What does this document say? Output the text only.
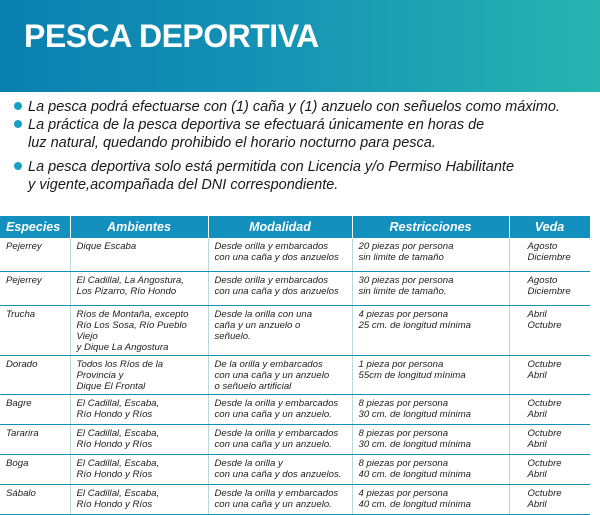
PESCA DEPORTIVA
La pesca podrá efectuarse con (1) caña y (1) anzuelo con señuelos como máximo.
La práctica de la pesca deportiva se efectuará únicamente en horas de
luz natural, quedando prohibido el horario nocturno para pesca.
La pesca deportiva solo está permitida con Licencia y/o Permiso Habilitante
y vigente,acompañada del DNI correspondiente.
Especies	Ambientes	Modalidad	Restricciones	Veda
Pejerrey	Dique Escaba	Desde orilla y embarcados
con una caña y dos anzuelos	20 piezas por persona
sin limite de tamaño	Agosto
Diciembre
Pejerrey	El Cadillal, La Angostura,
Los Pizarro, Río Hondo	Desde orilla y embarcados
con una caña y dos anzuelos	30 piezas por persona
sin limite de tamaño.	Agosto
Diciembre
Trucha	Ríos de Montaña, excepto
Río Los Sosa, Río Pueblo Viejo
y Dique La Angostura	Desde la orilla con una
caña y un anzuelo o
señuelo.	4 piezas por persona
25 cm. de longitud mínima	Abril
Octubre
Dorado	Todos los Ríos de la
Provincia y
Dique El Frontal	De la orilla y embarcados
con una caña y un anzuelo
o señuelo artificial	1 pieza por persona
55cm de longitud mínima	Octubre
Abril
Bagre	El Cadillal, Escaba,
Río Hondo y Ríos	Desde la orilla y embarcados
con una caña y un anzuelo.	8 piezas por persona
30 cm. de longitud mínima	Octubre
Abril
Tararira	El Cadillal, Escaba,
Río Hondo y Ríos	Desde la orilla y embarcados
con una caña y un anzuelo.	8 piezas por persona
30 cm. de longitud mínima	Octubre
Abril
Boga	El Cadillal, Escaba,
Río Hondo y Ríos	Desde la orilla y
con una caña y dos anzuelos.	8 piezas por persona
40 cm. de longitud mínima	Octubre
Abril
Sábalo	El Cadillal, Escaba,
Río Hondo y Ríos	Desde la orilla y embarcados
con una caña y un anzuelo.	4 piezas por persona
40 cm. de longitud mínima	Octubre
Abril
